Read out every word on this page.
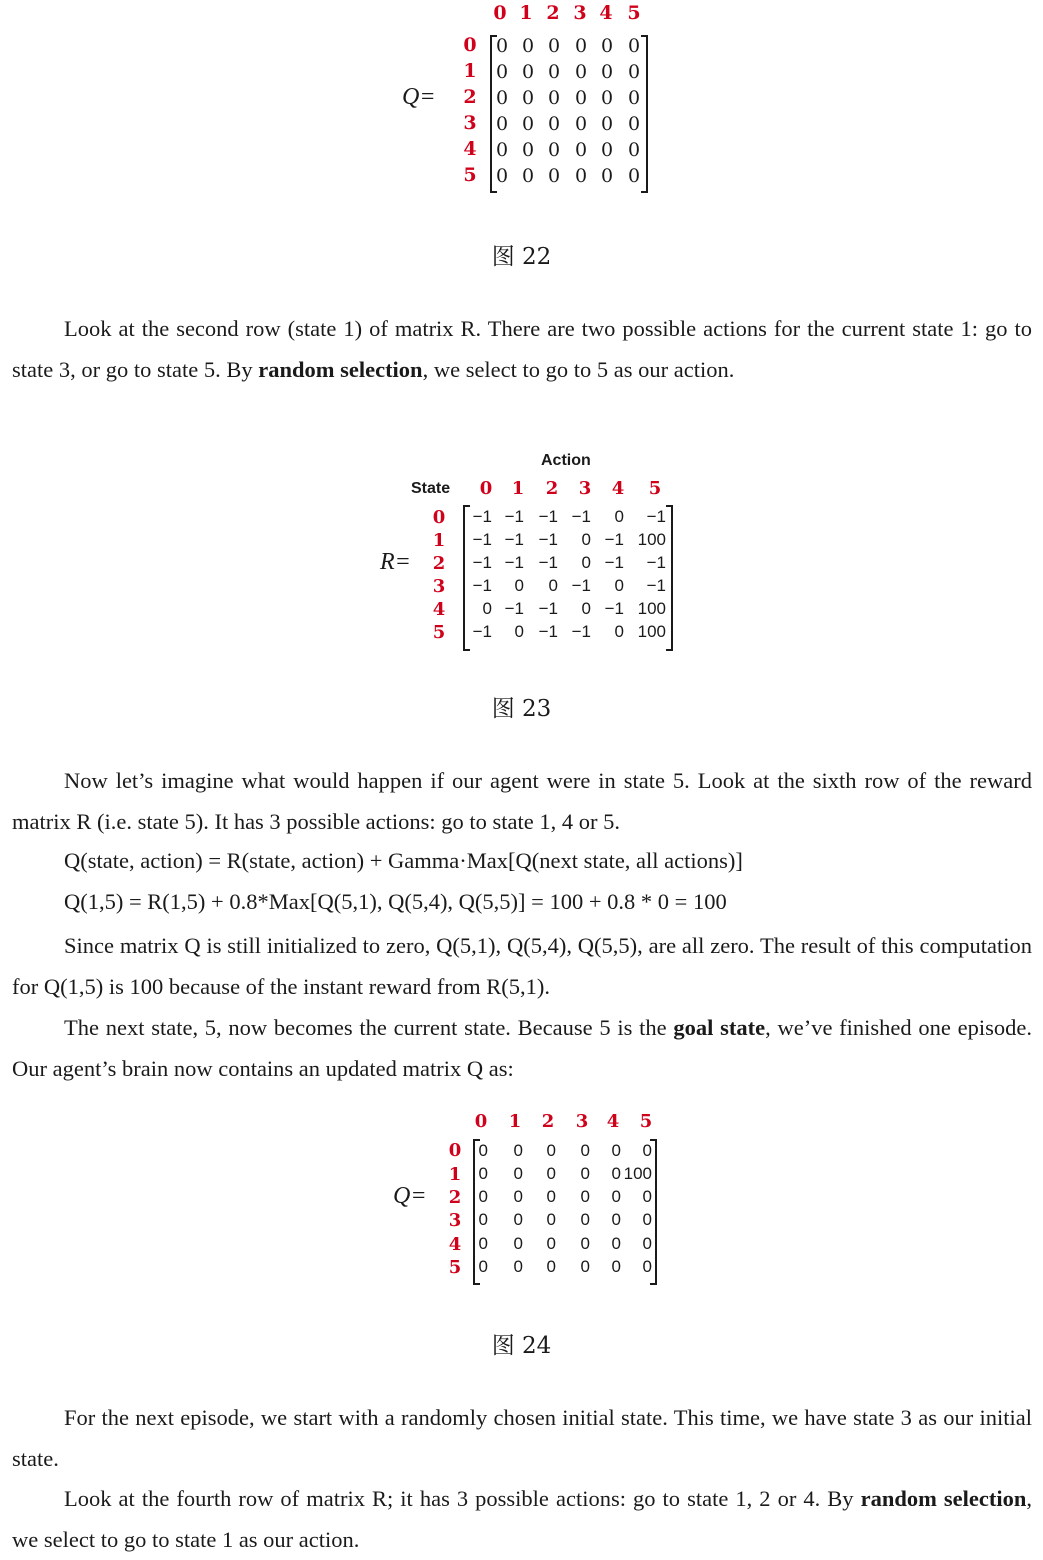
Q=
0 1 2 3 4 5
0
1
2
3
4
5
0 0 0 0 0 0
0 0 0 0 0 0
0 0 0 0 0 0
0 0 0 0 0 0
0 0 0 0 0 0
0 0 0 0 0 0
图 22
Look at the second row (state 1) of matrix R. There are two possible actions for the current state 1: go to state 3, or go to state 5. By random selection, we select to go to 5 as our action.
Action
State
R=
0 1 2 3 4 5
0
1
2
3
4
5
−1 −1 −1 −1	0	−1
−1 −1 −1	0 −1 100
−1 −1 −1	0 −1	−1
−1	0	0 −1	0	−1
0 −1 −1	0 −1 100
−1	0 −1 −1	0 100
图 23
Now let’s imagine what would happen if our agent were in state 5. Look at the sixth row of the reward matrix R (i.e. state 5). It has 3 possible actions: go to state 1, 4 or 5.
Q(state, action) = R(state, action) + Gamma·Max[Q(next state, all actions)]
Q(1,5) = R(1,5) + 0.8*Max[Q(5,1), Q(5,4), Q(5,5)] = 100 + 0.8 * 0 = 100
Since matrix Q is still initialized to zero, Q(5,1), Q(5,4), Q(5,5), are all zero. The result of this computation for Q(1,5) is 100 because of the instant reward from R(5,1).
The next state, 5, now becomes the current state. Because 5 is the goal state, we’ve finished one episode. Our agent’s brain now contains an updated matrix Q as:
Q=
0 1 2 3 4 5
0
1
2
3
4
5
0	0	0	0	0	0
0	0	0	0	0 100
0	0	0	0	0	0
0	0	0	0	0	0
0	0	0	0	0	0
0	0	0	0	0	0
图 24
For the next episode, we start with a randomly chosen initial state. This time, we have state 3 as our initial state.
Look at the fourth row of matrix R; it has 3 possible actions: go to state 1, 2 or 4. By random selection, we select to go to state 1 as our action.
